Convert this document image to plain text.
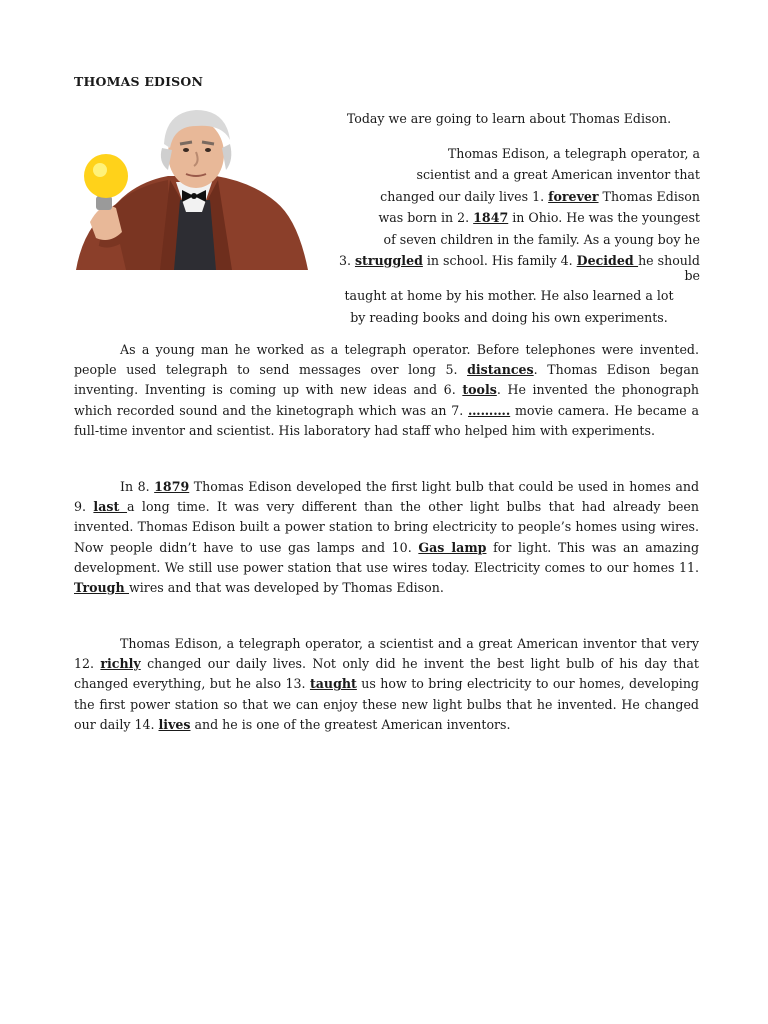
THOMAS EDISON
Today we are going to learn about Thomas Edison.
Thomas Edison, a telegraph operator, a
scientist and a great American inventor that
changed our daily lives 1. forever Thomas Edison
was born in 2. 1847 in Ohio. He was the youngest
of seven children in the family. As a young boy he
3. struggled in school. His family 4. Decided he should
be
taught at home by his mother. He also learned a lot
by reading books and doing his own experiments.
As a young man he worked as a telegraph operator. Before telephones were invented. people used telegraph to send messages over long 5. distances. Thomas Edison began inventing. Inventing is coming up with new ideas and 6. tools. He invented the phonograph which recorded sound and the kinetograph which was an 7. ………. movie camera. He became a full-time inventor and scientist. His laboratory had staff who helped him with experiments.
In 8. 1879 Thomas Edison developed the first light bulb that could be used in homes and 9. last a long time. It was very different than the other light bulbs that had already been invented. Thomas Edison built a power station to bring electricity to people’s homes using wires. Now people didn’t have to use gas lamps and 10. Gas lamp for light. This was an amazing development. We still use power station that use wires today. Electricity comes to our homes 11. Trough wires and that was developed by Thomas Edison.
Thomas Edison, a telegraph operator, a scientist and a great American inventor that very 12. richly changed our daily lives. Not only did he invent the best light bulb of his day that changed everything, but he also 13. taught us how to bring electricity to our homes, developing the first power station so that we can enjoy these new light bulbs that he invented. He changed our daily 14. lives and he is one of the greatest American inventors.
